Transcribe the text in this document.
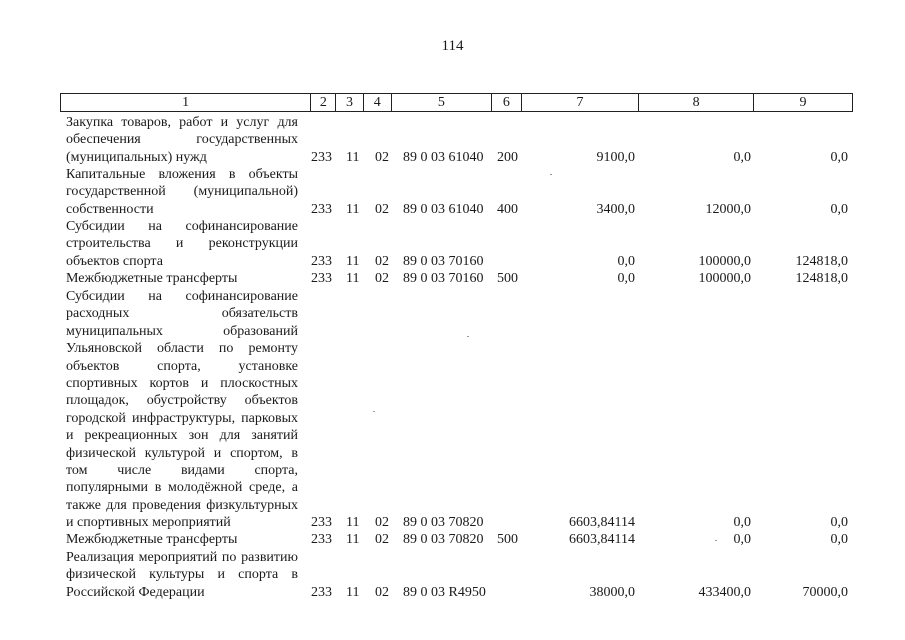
114
1	2	3	4	5	6	7	8	9
Закупка товаров, работ и услуг для обеспечения государственных (муниципальных) нужд	233 11 02 89 0 03 61040 200	9100,0	0,0	0,0
Капитальные вложения в объекты государственной (муниципальной) собственности	233 11 02 89 0 03 61040 400	3400,0	12000,0	0,0
Субсидии на софинансирование строительства и реконструкции объектов спорта	233 11 02 89 0 03 70160	0,0	100000,0	124818,0
Межбюджетные трансферты	233 11 02 89 0 03 70160 500	0,0	100000,0	124818,0
Субсидии на софинансирование расходных обязательств муниципальных образований Ульяновской области по ремонту объектов спорта, установке спортивных кортов и плоскостных площадок, обустройству объектов городской инфраструктуры, парковых и рекреационных зон для занятий физической культурой и спортом, в том числе видами спорта, популярными в молодёжной среде, а также для проведения физкультурных и спортивных мероприятий	233 11 02 89 0 03 70820	6603,84114	0,0	0,0
Межбюджетные трансферты	233 11 02 89 0 03 70820 500	6603,84114	0,0	0,0
Реализация мероприятий по развитию физической культуры и спорта в Российской Федерации	233 11 02 89 0 03 R4950	38000,0	433400,0	70000,0
